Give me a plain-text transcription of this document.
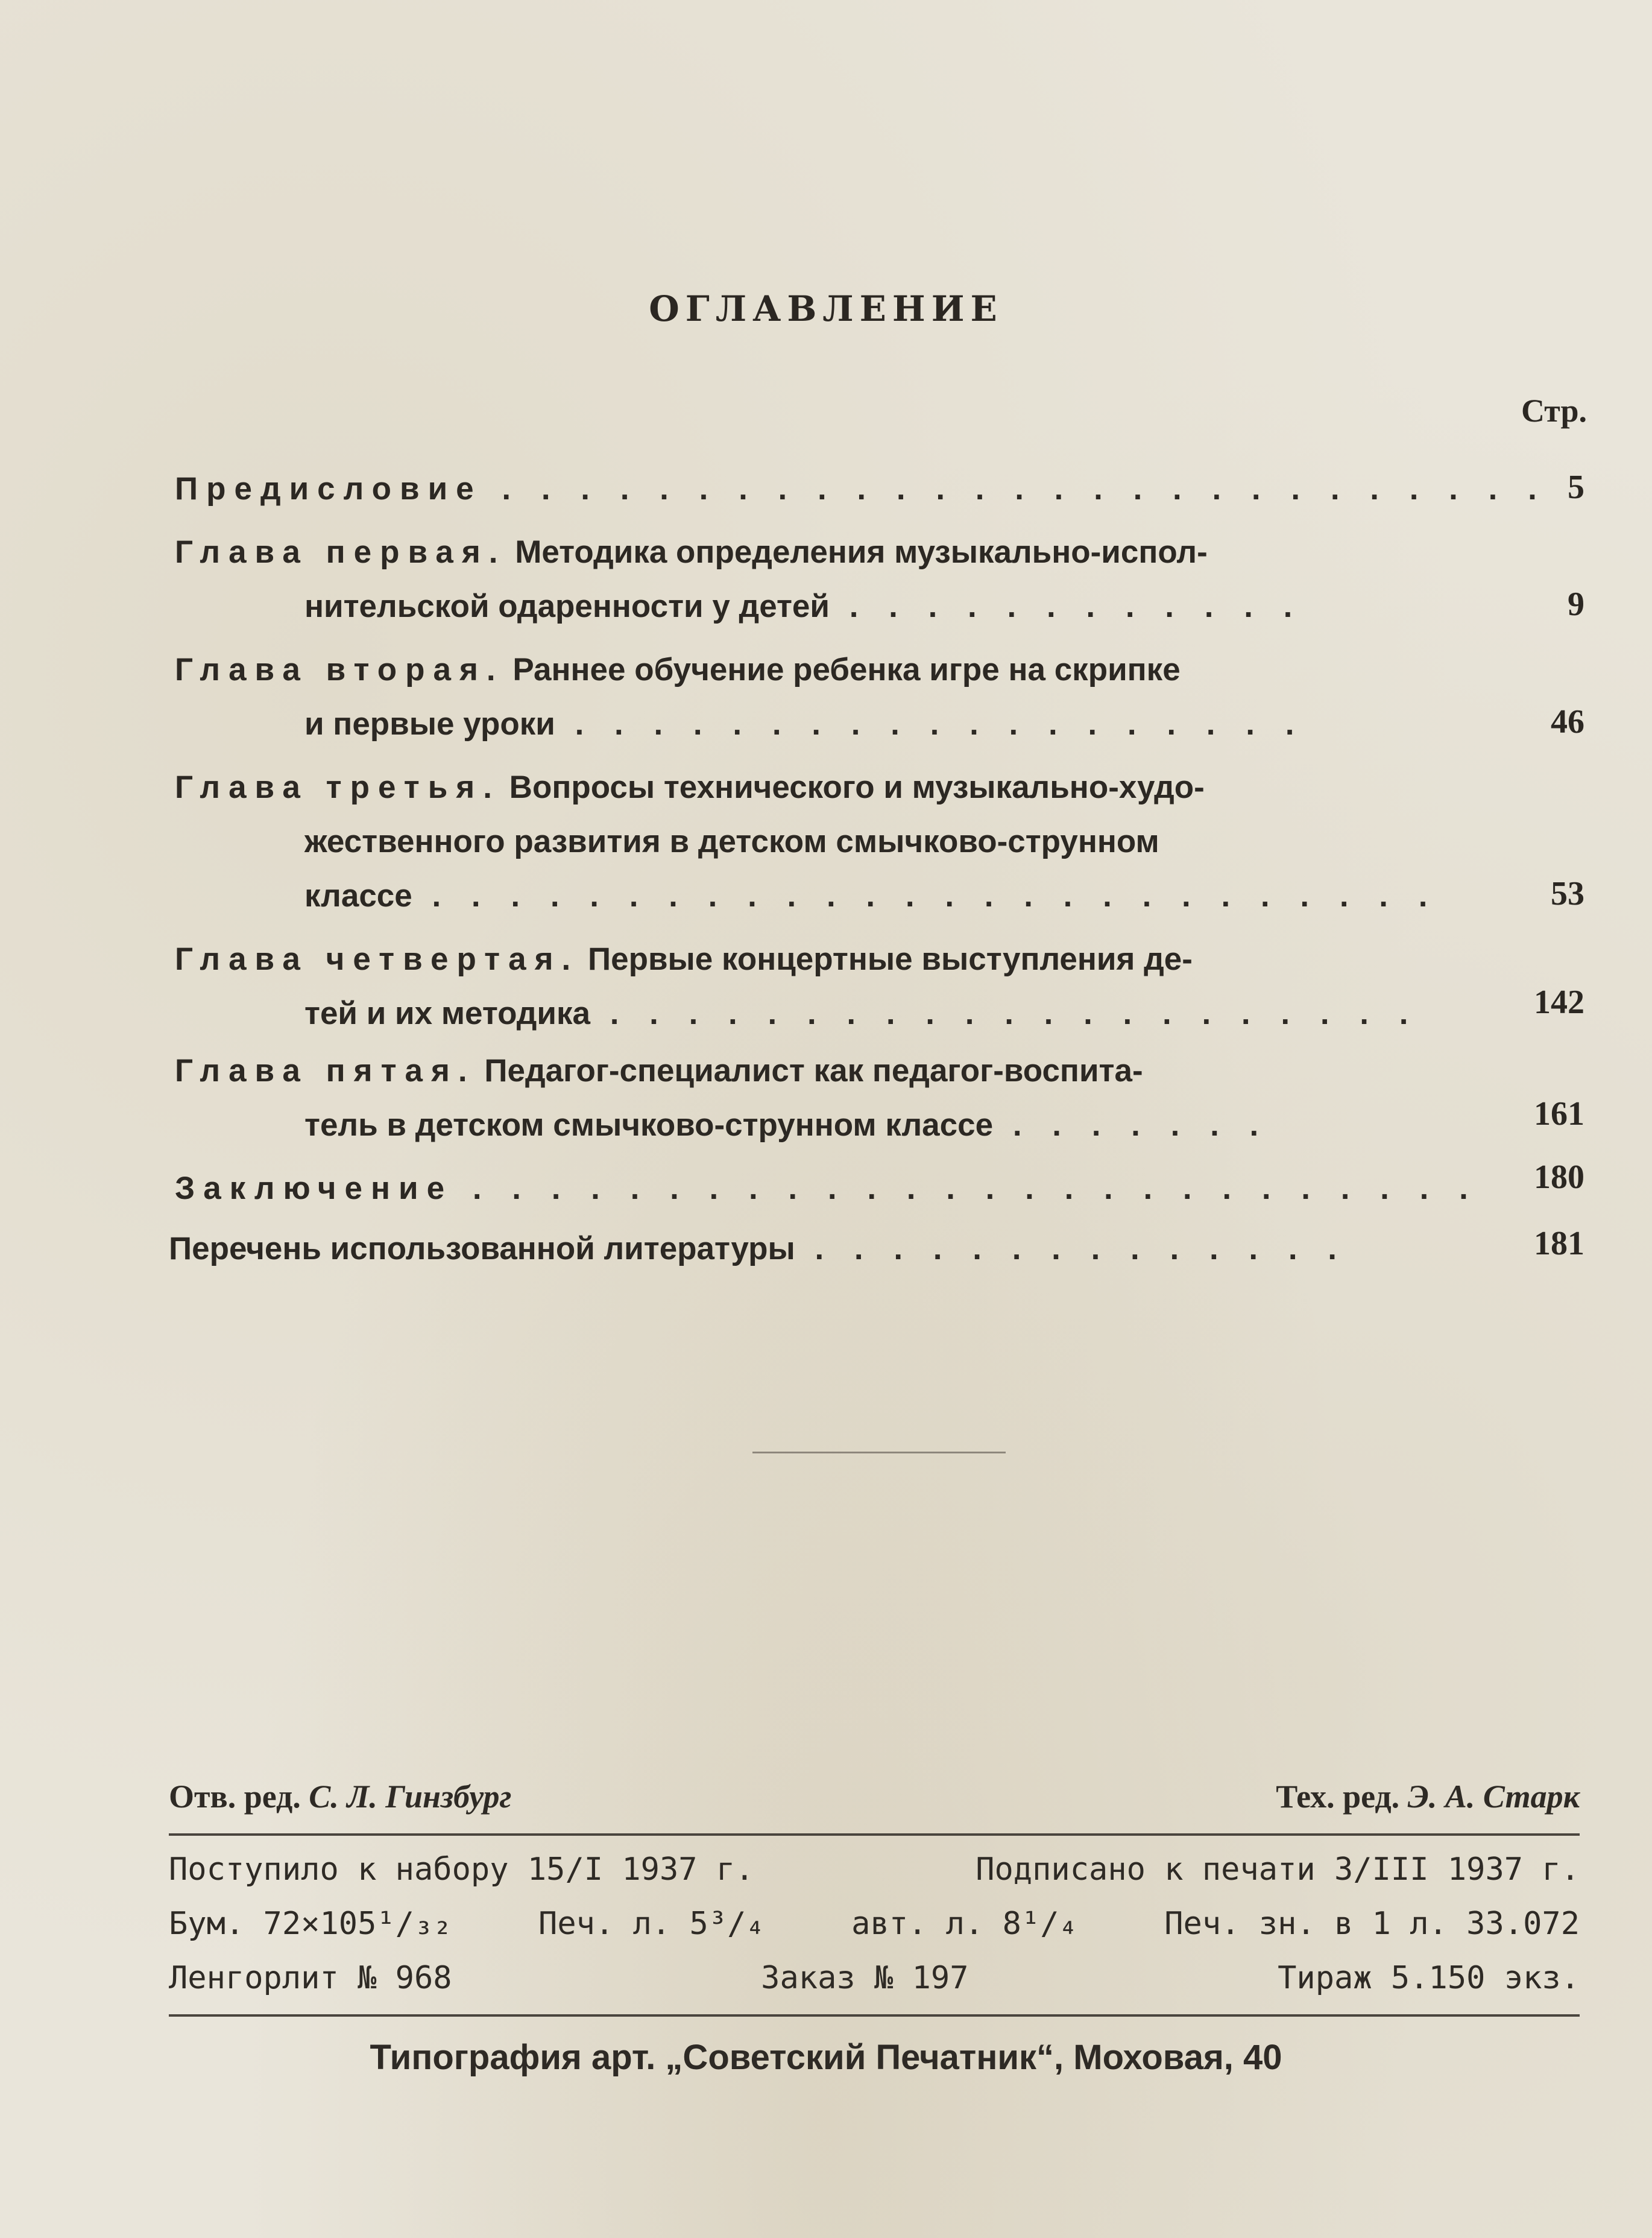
ОГЛАВЛЕНИЕ
Стр.
Предисловие . . . . . . . . . . . . . . . . . . . . . . . . . . . 5
Глава первая. Методика определения музыкально-испол-
нительской одаренности у детей . . . . . . . . . . . .	9
Глава вторая. Раннее обучение ребенка игре на скрипке
и первые уроки . . . . . . . . . . . . . . . . . . .	46
Глава третья. Вопросы технического и музыкально-худо-
жественного развития в детском смычково-струнном
классе . . . . . . . . . . . . . . . . . . . . . . . . . .	53
Глава четвертая. Первые концертные выступления де-
тей и их методика . . . . . . . . . . . . . . . . . . . . .	142
Глава пятая. Педагог-специалист как педагог-воспита-
тель в детском смычково-струнном классе . . . . . . .	161
Заключение . . . . . . . . . . . . . . . . . . . . . . . . . .	180
Перечень использованной литературы . . . . . . . . . . . . . .	181
Отв. ред. С. Л. Гинзбург	Тех. ред. Э. А. Старк
Поступило к набору 15/I 1937 г.	Подписано к печати 3/III 1937 г.
Бум. 72×105¹/₃₂	Печ. л. 5³/₄	авт. л. 8¹/₄	Печ. зн. в 1 л. 33.072
Ленгорлит № 968	Заказ № 197	Тираж 5.150 экз.
Типография арт. „Советский Печатник“, Моховая, 40
